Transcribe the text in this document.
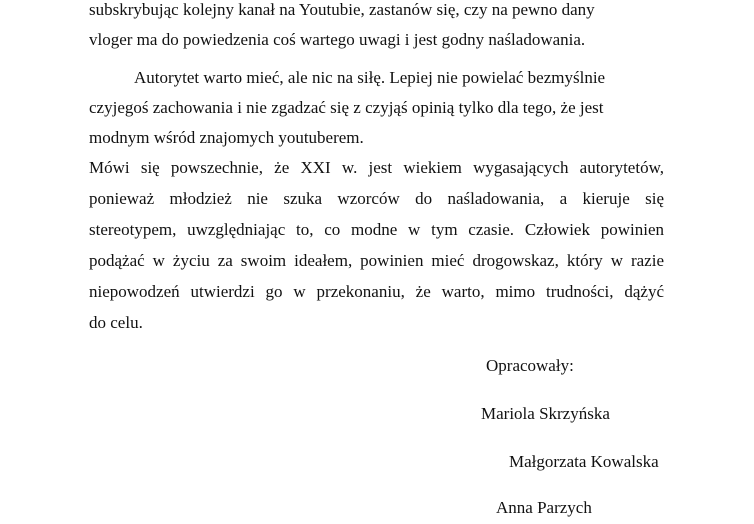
subskrybując kolejny kanał na Youtubie, zastanów się, czy na pewno dany
vloger ma do powiedzenia coś wartego uwagi i jest godny naśladowania.
Autorytet warto mieć, ale nic na siłę. Lepiej nie powielać bezmyślnie
czyjegoś zachowania i nie zgadzać się z czyjąś opinią tylko dla tego, że jest
modnym wśród znajomych youtuberem.
Mówi się powszechnie, że XXI w. jest wiekiem wygasających autorytetów,
ponieważ młodzież nie szuka wzorców do naśladowania, a kieruje się
stereotypem, uwzględniając to, co modne w tym czasie. Człowiek powinien
podążać w życiu za swoim ideałem, powinien mieć drogowskaz, który w razie
niepowodzeń utwierdzi go w przekonaniu, że warto, mimo trudności, dążyć
do celu.
Opracowały:
Mariola Skrzyńska
Małgorzata Kowalska
Anna Parzych
